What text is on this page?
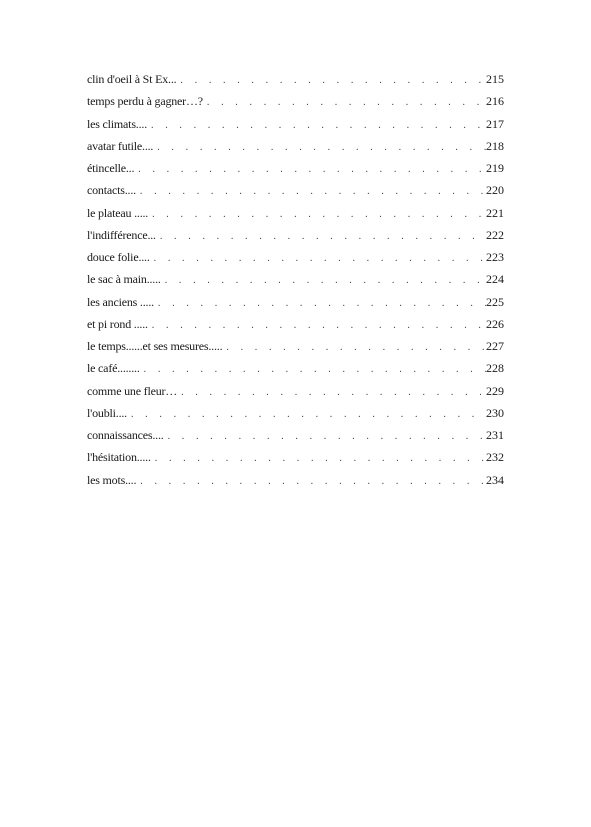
clin d'oeil à St Ex... . . .	215
temps perdu à gagner…? . . .	216
les climats.... . . .	217
avatar futile.... . . .	218
étincelle... . . .	219
contacts.... . . .	220
le plateau ..... . . .	221
l'indifférence... . . .	222
douce folie.... . . .	223
le sac à main..... . . .	224
les anciens ..... . . .	225
et pi rond ..... . . .	226
le temps......et ses mesures..... . . .	227
le café........ . . .	228
comme une fleur… . . .	229
l'oubli.... . . .	230
connaissances.... . . .	231
l'hésitation..... . . .	232
les mots.... . . .	234
